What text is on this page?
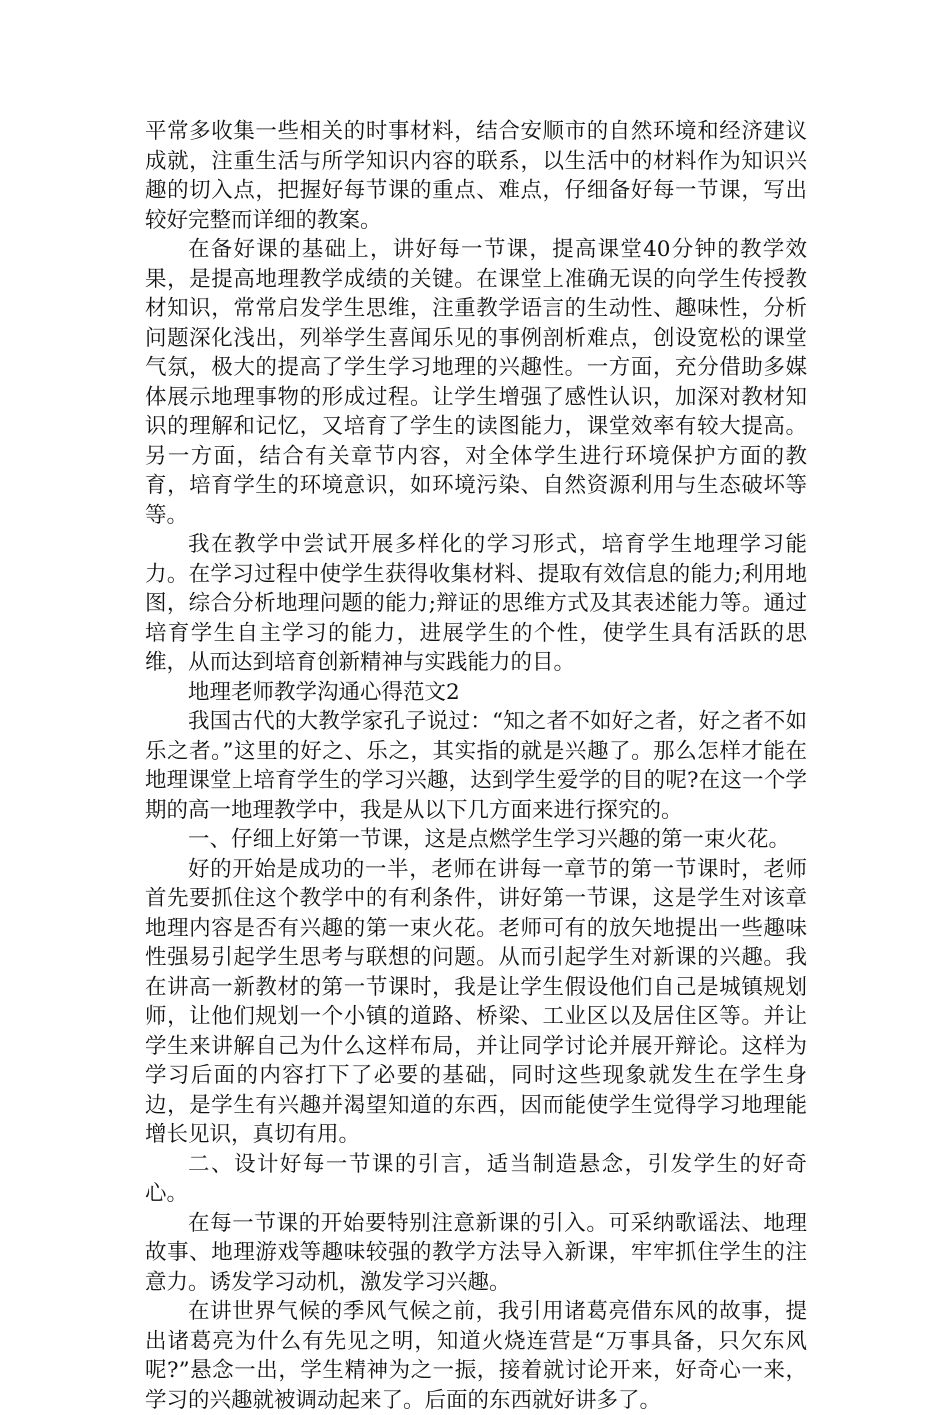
平常多收集一些相关的时事材料，结合安顺市的自然环境和经济建议成就，注重生活与所学知识内容的联系，以生活中的材料作为知识兴趣的切入点，把握好每节课的重点、难点，仔细备好每一节课，写出较好完整而详细的教案。

在备好课的基础上，讲好每一节课，提高课堂40分钟的教学效果，是提高地理教学成绩的关键。在课堂上准确无误的向学生传授教材知识，常常启发学生思维，注重教学语言的生动性、趣味性，分析问题深化浅出，列举学生喜闻乐见的事例剖析难点，创设宽松的课堂气氛，极大的提高了学生学习地理的兴趣性。一方面，充分借助多媒体展示地理事物的形成过程。让学生增强了感性认识，加深对教材知识的理解和记忆，又培育了学生的读图能力，课堂效率有较大提高。另一方面，结合有关章节内容，对全体学生进行环境保护方面的教育，培育学生的环境意识，如环境污染、自然资源利用与生态破坏等等。

我在教学中尝试开展多样化的学习形式，培育学生地理学习能力。在学习过程中使学生获得收集材料、提取有效信息的能力;利用地图，综合分析地理问题的能力;辩证的思维方式及其表述能力等。通过培育学生自主学习的能力，进展学生的个性，使学生具有活跃的思维，从而达到培育创新精神与实践能力的目。

地理老师教学沟通心得范文2

我国古代的大教学家孔子说过：“知之者不如好之者，好之者不如乐之者。”这里的好之、乐之，其实指的就是兴趣了。那么怎样才能在地理课堂上培育学生的学习兴趣，达到学生爱学的目的呢?在这一个学期的高一地理教学中，我是从以下几方面来进行探究的。

一、仔细上好第一节课，这是点燃学生学习兴趣的第一束火花。

好的开始是成功的一半，老师在讲每一章节的第一节课时，老师首先要抓住这个教学中的有利条件，讲好第一节课，这是学生对该章地理内容是否有兴趣的第一束火花。老师可有的放矢地提出一些趣味性强易引起学生思考与联想的问题。从而引起学生对新课的兴趣。我在讲高一新教材的第一节课时，我是让学生假设他们自己是城镇规划师，让他们规划一个小镇的道路、桥梁、工业区以及居住区等。并让学生来讲解自己为什么这样布局，并让同学讨论并展开辩论。这样为学习后面的内容打下了必要的基础，同时这些现象就发生在学生身边，是学生有兴趣并渴望知道的东西，因而能使学生觉得学习地理能增长见识，真切有用。

二、设计好每一节课的引言，适当制造悬念，引发学生的好奇心。

在每一节课的开始要特别注意新课的引入。可采纳歌谣法、地理故事、地理游戏等趣味较强的教学方法导入新课，牢牢抓住学生的注意力。诱发学习动机，激发学习兴趣。

在讲世界气候的季风气候之前，我引用诸葛亮借东风的故事，提出诸葛亮为什么有先见之明，知道火烧连营是“万事具备，只欠东风呢?”悬念一出，学生精神为之一振，接着就讨论开来，好奇心一来，学习的兴趣就被调动起来了。后面的东西就好讲多了。
